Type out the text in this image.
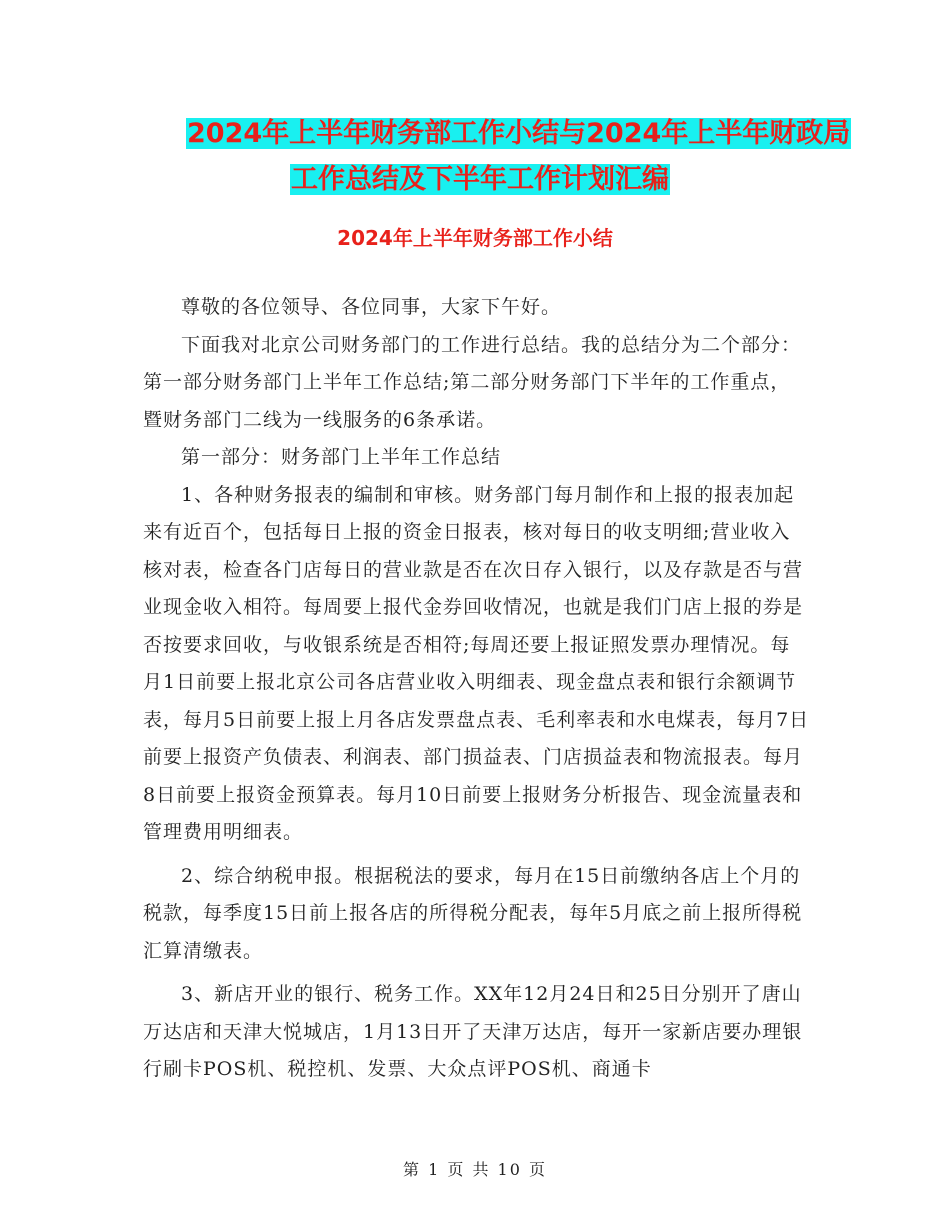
2024年上半年财务部工作小结与2024年上半年财政局
工作总结及下半年工作计划汇编
2024年上半年财务部工作小结

尊敬的各位领导、各位同事，大家下午好。

下面我对北京公司财务部门的工作进行总结。我的总结分为二个部分：第一部分财务部门上半年工作总结;第二部分财务部门下半年的工作重点，暨财务部门二线为一线服务的6条承诺。

第一部分：财务部门上半年工作总结

1、各种财务报表的编制和审核。财务部门每月制作和上报的报表加起来有近百个，包括每日上报的资金日报表，核对每日的收支明细;营业收入核对表，检查各门店每日的营业款是否在次日存入银行，以及存款是否与营业现金收入相符。每周要上报代金券回收情况，也就是我们门店上报的券是否按要求回收，与收银系统是否相符;每周还要上报证照发票办理情况。每月1日前要上报北京公司各店营业收入明细表、现金盘点表和银行余额调节表，每月5日前要上报上月各店发票盘点表、毛利率表和水电煤表，每月7日前要上报资产负债表、利润表、部门损益表、门店损益表和物流报表。每月8日前要上报资金预算表。每月10日前要上报财务分析报告、现金流量表和管理费用明细表。

2、综合纳税申报。根据税法的要求，每月在15日前缴纳各店上个月的税款，每季度15日前上报各店的所得税分配表，每年5月底之前上报所得税汇算清缴表。

3、新店开业的银行、税务工作。XX年12月24日和25日分别开了唐山万达店和天津大悦城店，1月13日开了天津万达店，每开一家新店要办理银行刷卡POS机、税控机、发票、大众点评POS机、商通卡

第 1 页 共 10 页
